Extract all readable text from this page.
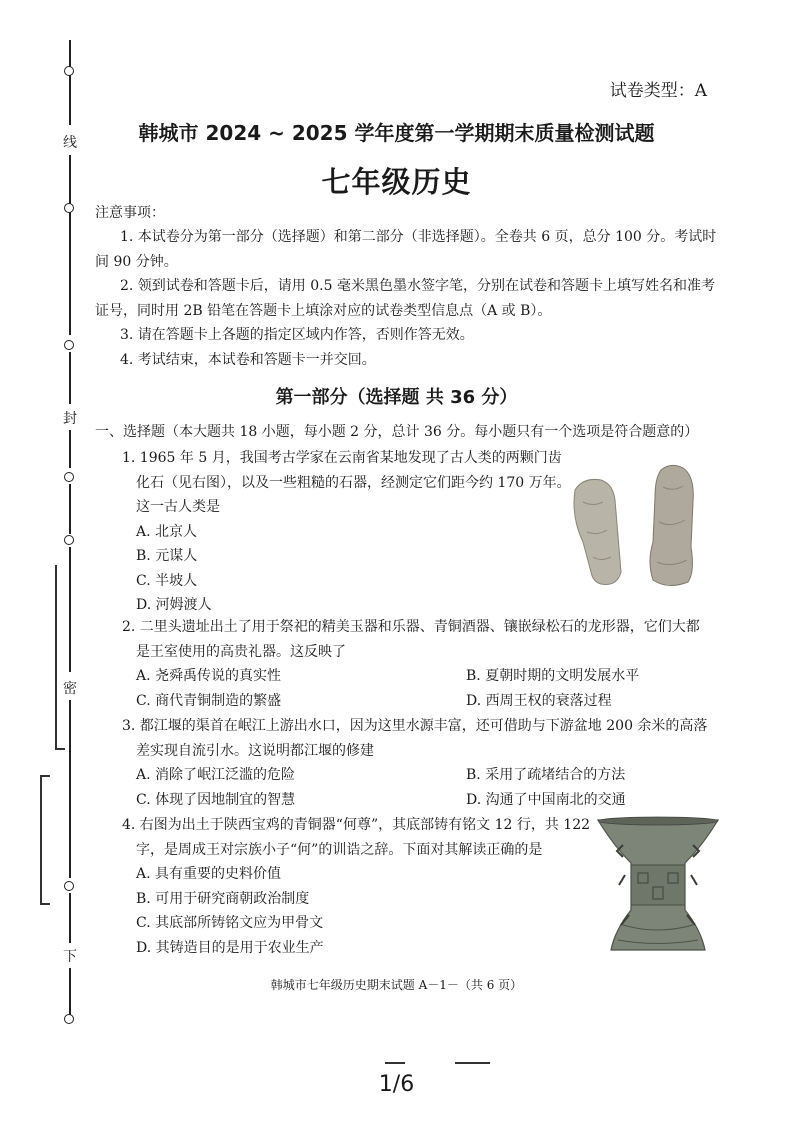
线
封
密
下
试卷类型：A
韩城市 2024 ~ 2025 学年度第一学期期末质量检测试题
七年级历史
注意事项：

1. 本试卷分为第一部分（选择题）和第二部分（非选择题）。全卷共 6 页，总分 100 分。考试时间 90 分钟。

2. 领到试卷和答题卡后，请用 0.5 毫米黑色墨水签字笔，分别在试卷和答题卡上填写姓名和准考证号，同时用 2B 铅笔在答题卡上填涂对应的试卷类型信息点（A 或 B）。

3. 请在答题卡上各题的指定区域内作答，否则作答无效。

4. 考试结束，本试卷和答题卡一并交回。

第一部分（选择题 共 36 分）
一、选择题（本大题共 18 小题，每小题 2 分，总计 36 分。每小题只有一个选项是符合题意的）

1. 1965 年 5 月，我国考古学家在云南省某地发现了古人类的两颗门齿

化石（见右图），以及一些粗糙的石器，经测定它们距今约 170 万年。

这一古人类是

A. 北京人

B. 元谋人

C. 半坡人

D. 河姆渡人

2. 二里头遗址出土了用于祭祀的精美玉器和乐器、青铜酒器、镶嵌绿松石的龙形器，它们大都

是王室使用的高贵礼器。这反映了

A. 尧舜禹传说的真实性	B. 夏朝时期的文明发展水平

C. 商代青铜制造的繁盛	D. 西周王权的衰落过程

3. 都江堰的渠首在岷江上游出水口，因为这里水源丰富，还可借助与下游盆地 200 余米的高落

差实现自流引水。这说明都江堰的修建

A. 消除了岷江泛滥的危险	B. 采用了疏堵结合的方法

C. 体现了因地制宜的智慧	D. 沟通了中国南北的交通

4. 右图为出土于陕西宝鸡的青铜器“何尊”，其底部铸有铭文 12 行，共 122

字，是周成王对宗族小子“何”的训诰之辞。下面对其解读正确的是

A. 具有重要的史料价值

B. 可用于研究商朝政治制度

C. 其底部所铸铭文应为甲骨文

D. 其铸造目的是用于农业生产

韩城市七年级历史期末试题 A－1－（共 6 页）
1/6
